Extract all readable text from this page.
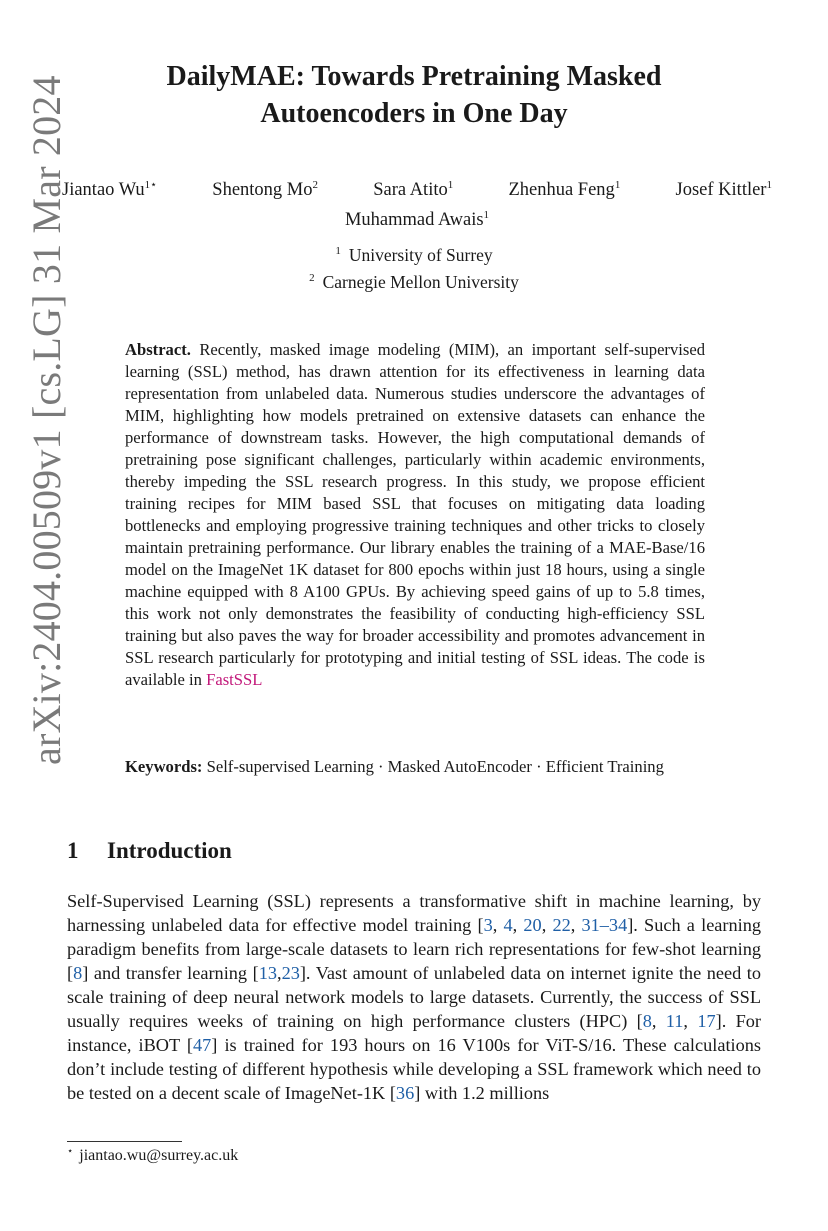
arXiv:2404.00509v1 [cs.LG] 31 Mar 2024	DailyMAE: Towards Pretraining Masked
Autoencoders in One Day
Jiantao $Wu^{1⋆}$	Shentong Mo$^2$	Sara Atito$^1$	Zhenhua Feng$^1$	Josef Kittler$^1$
Muhammad Awais$^1$
$^1$ University of Surrey
$^2$ Carnegie Mellon University
Abstract. Recently, masked image modeling (MIM), an important self-supervised learning (SSL) method, has drawn attention for its effectiveness in learning data representation from unlabeled data. Numerous studies underscore the advantages of MIM, highlighting how models pretrained on extensive datasets can enhance the performance of downstream tasks. However, the high computational demands of pretraining pose significant challenges, particularly within academic environments, thereby impeding the SSL research progress. In this study, we propose efficient training recipes for MIM based SSL that focuses on mitigating data loading bottlenecks and employing progressive training techniques and other tricks to closely maintain pretraining performance. Our library enables the training of a MAE-Base/16 model on the ImageNet 1K dataset for 800 epochs within just 18 hours, using a single machine equipped with 8 A100 GPUs. By achieving speed gains of up to 5.8 times, this work not only demonstrates the feasibility of conducting high-efficiency SSL training but also paves the way for broader accessibility and promotes advancement in SSL research particularly for prototyping and initial testing of SSL ideas. The code is available in FastSSL
Keywords: Self-supervised Learning · Masked AutoEncoder · Efficient Training
1 Introduction
Self-Supervised Learning (SSL) represents a transformative shift in machine learning, by harnessing unlabeled data for effective model training [3, 4, 20, 22, 31–34]. Such a learning paradigm benefits from large-scale datasets to learn rich representations for few-shot learning [8] and transfer learning [13,23]. Vast amount of unlabeled data on internet ignite the need to scale training of deep neural network models to large datasets. Currently, the success of SSL usually requires weeks of training on high performance clusters (HPC) [8, 11, 17]. For instance, iBOT [47] is trained for 193 hours on 16 V100s for ViT-S/16. These calculations don’t include testing of different hypothesis while developing a SSL framework which need to be tested on a decent scale of ImageNet-1K [36] with 1.2 millions
⋆ jiantao.wu@surrey.ac.uk
